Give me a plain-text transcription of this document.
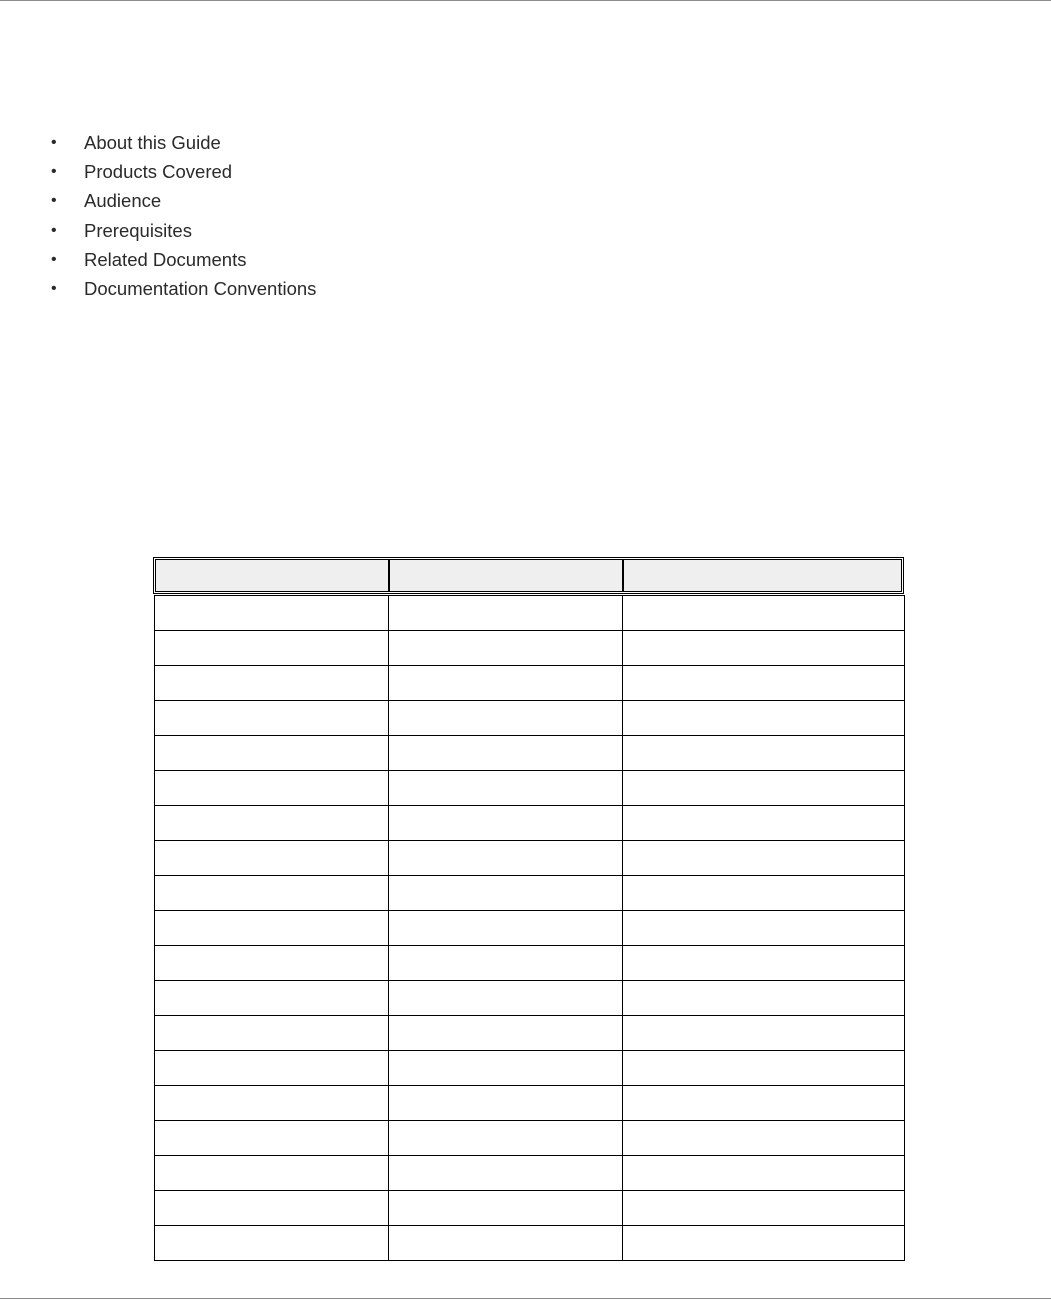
• About this Guide
• Products Covered
• Audience
• Prerequisites
• Related Documents
• Documentation Conventions
